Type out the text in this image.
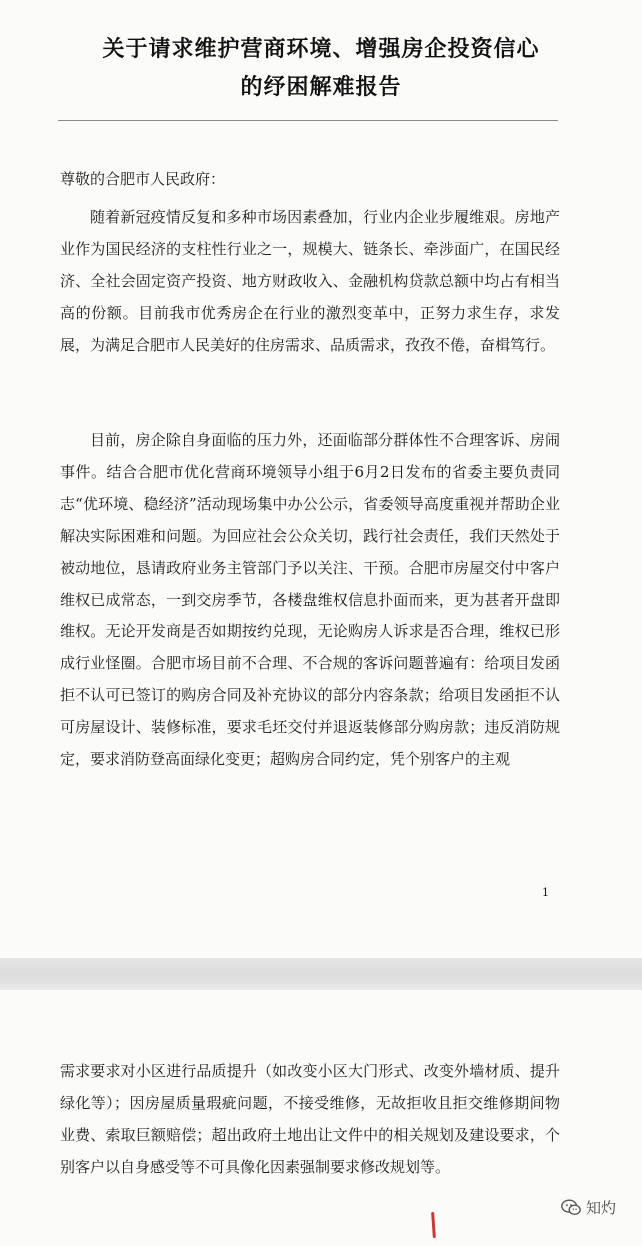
关于请求维护营商环境、增强房企投资信心
的纾困解难报告

尊敬的合肥市人民政府：

随着新冠疫情反复和多种市场因素叠加，行业内企业步履维艰。房地产业作为国民经济的支柱性行业之一，规模大、链条长、牵涉面广，在国民经济、全社会固定资产投资、地方财政收入、金融机构贷款总额中均占有相当高的份额。目前我市优秀房企在行业的激烈变革中，正努力求生存，求发展，为满足合肥市人民美好的住房需求、品质需求，孜孜不倦，奋楫笃行。

目前，房企除自身面临的压力外，还面临部分群体性不合理客诉、房闹事件。结合合肥市优化营商环境领导小组于6月2日发布的省委主要负责同志“优环境、稳经济”活动现场集中办公公示，省委领导高度重视并帮助企业解决实际困难和问题。为回应社会公众关切，践行社会责任，我们天然处于被动地位，恳请政府业务主管部门予以关注、干预。合肥市房屋交付中客户维权已成常态，一到交房季节，各楼盘维权信息扑面而来，更为甚者开盘即维权。无论开发商是否如期按约兑现，无论购房人诉求是否合理，维权已形成行业怪圈。合肥市场目前不合理、不合规的客诉问题普遍有：给项目发函拒不认可已签订的购房合同及补充协议的部分内容条款；给项目发函拒不认可房屋设计、装修标准，要求毛坯交付并退返装修部分购房款；违反消防规定，要求消防登高面绿化变更；超购房合同约定，凭个别客户的主观

1

需求要求对小区进行品质提升（如改变小区大门形式、改变外墙材质、提升绿化等）；因房屋质量瑕疵问题，不接受维修，无故拒收且拒交维修期间物业费、索取巨额赔偿；超出政府土地出让文件中的相关规划及建设要求，个别客户以自身感受等不可具像化因素强制要求修改规划等。

知灼
